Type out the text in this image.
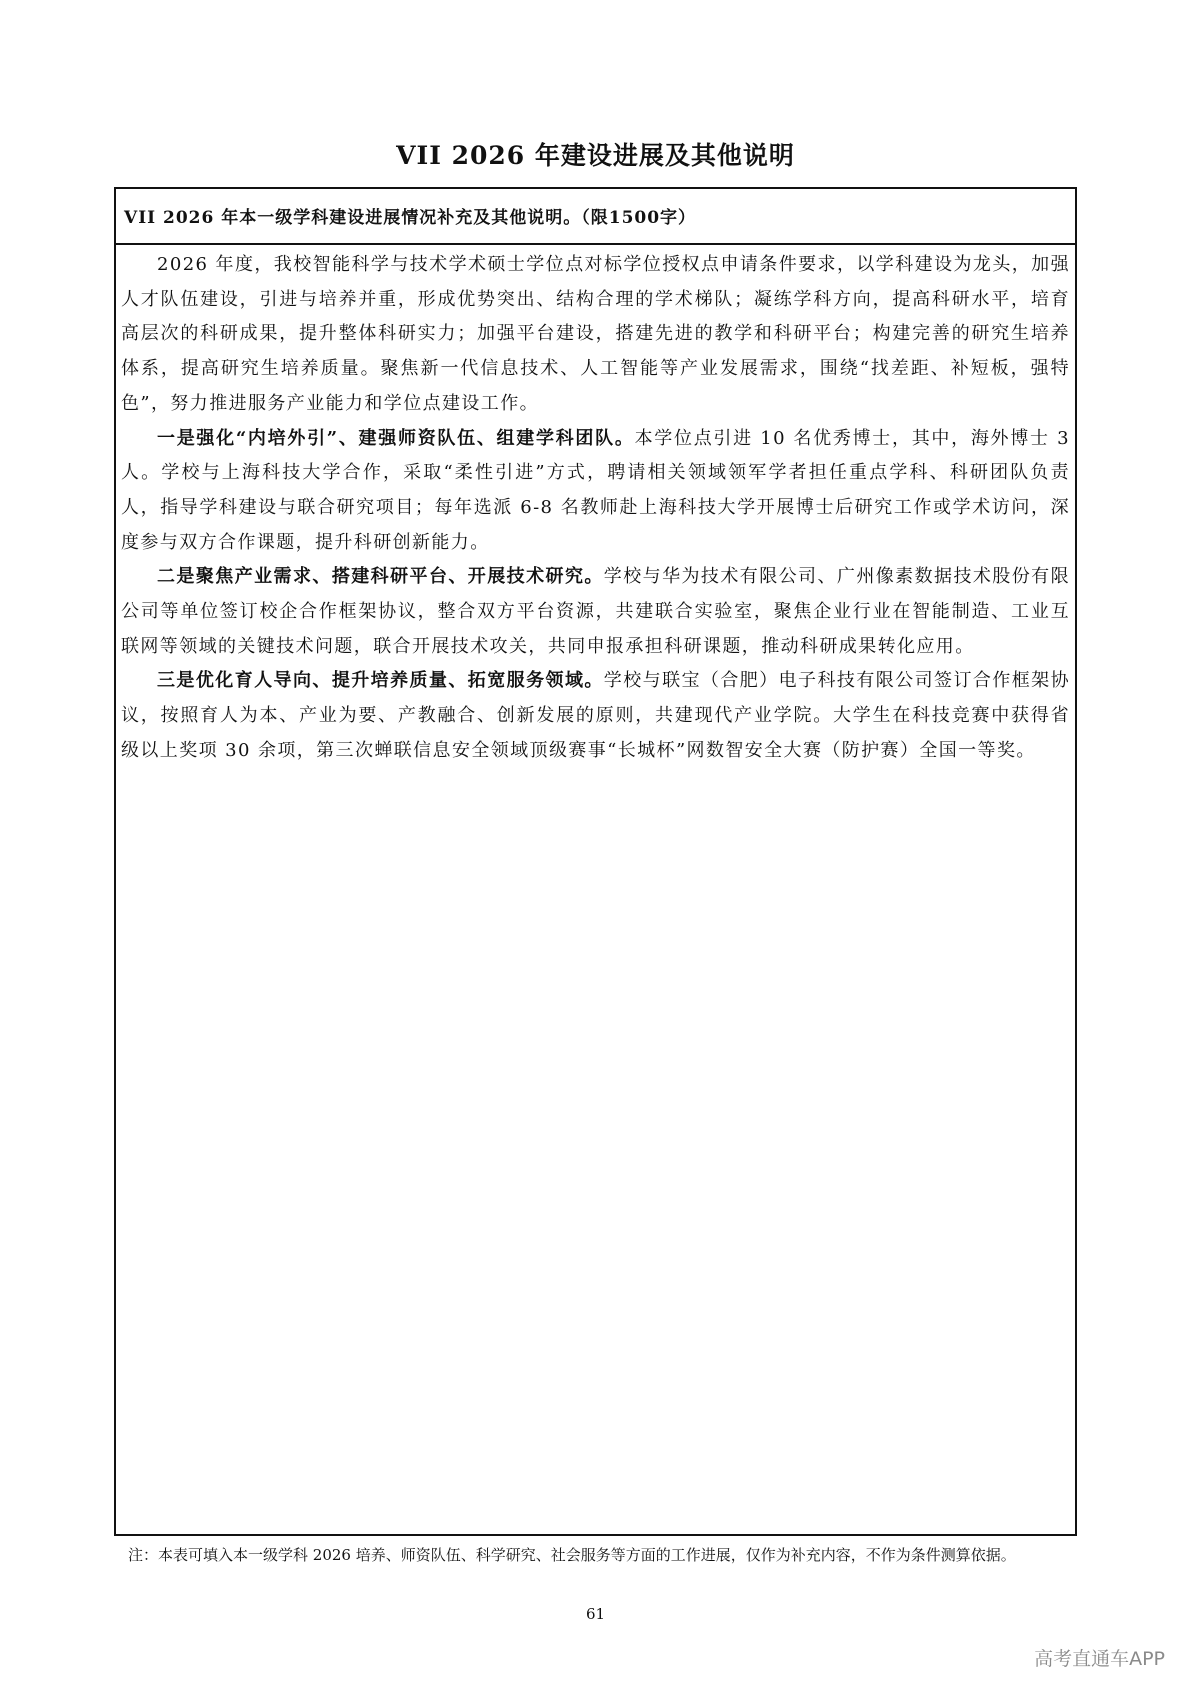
VII 2026 年建设进展及其他说明
VII 2026 年本一级学科建设进展情况补充及其他说明。（限1500字）

2026 年度，我校智能科学与技术学术硕士学位点对标学位授权点申请条件要求，以学科建设为龙头，加强人才队伍建设，引进与培养并重，形成优势突出、结构合理的学术梯队；凝练学科方向，提高科研水平，培育高层次的科研成果，提升整体科研实力；加强平台建设，搭建先进的教学和科研平台；构建完善的研究生培养体系，提高研究生培养质量。聚焦新一代信息技术、人工智能等产业发展需求，围绕“找差距、补短板，强特色”，努力推进服务产业能力和学位点建设工作。

一是强化“内培外引”、建强师资队伍、组建学科团队。本学位点引进 10 名优秀博士，其中，海外博士 3 人。学校与上海科技大学合作，采取“柔性引进”方式，聘请相关领域领军学者担任重点学科、科研团队负责人，指导学科建设与联合研究项目；每年选派 6-8 名教师赴上海科技大学开展博士后研究工作或学术访问，深度参与双方合作课题，提升科研创新能力。

二是聚焦产业需求、搭建科研平台、开展技术研究。学校与华为技术有限公司、广州像素数据技术股份有限公司等单位签订校企合作框架协议，整合双方平台资源，共建联合实验室，聚焦企业行业在智能制造、工业互联网等领域的关键技术问题，联合开展技术攻关，共同申报承担科研课题，推动科研成果转化应用。

三是优化育人导向、提升培养质量、拓宽服务领域。学校与联宝（合肥）电子科技有限公司签订合作框架协议，按照育人为本、产业为要、产教融合、创新发展的原则，共建现代产业学院。大学生在科技竞赛中获得省级以上奖项 30 余项，第三次蝉联信息安全领域顶级赛事“长城杯”网数智安全大赛（防护赛）全国一等奖。

注：本表可填入本一级学科 2026 培养、师资队伍、科学研究、社会服务等方面的工作进展，仅作为补充内容，不作为条件测算依据。
61
高考直通车APP
